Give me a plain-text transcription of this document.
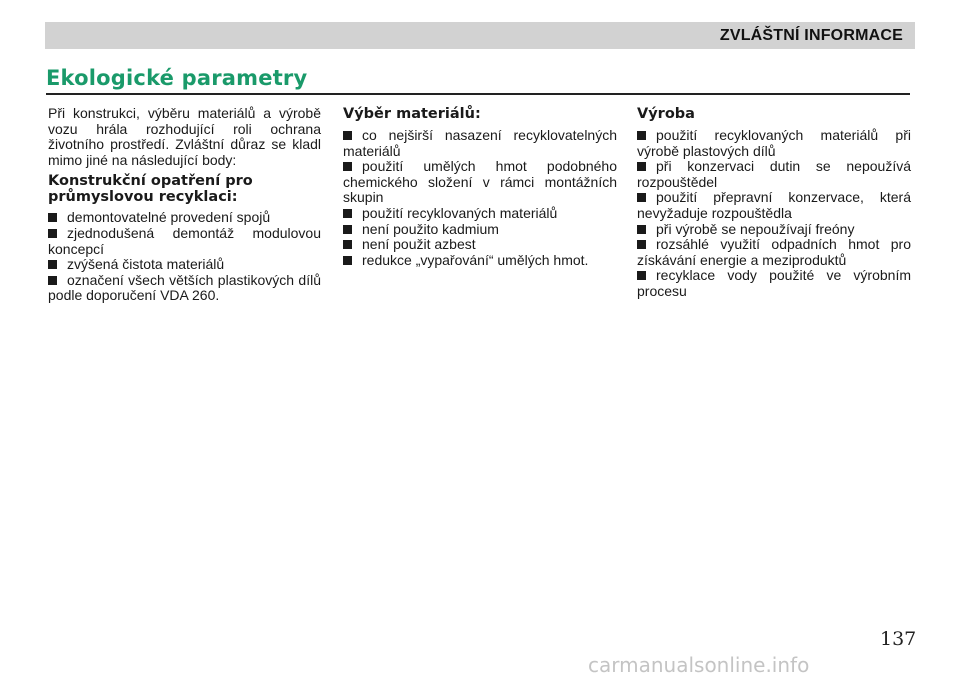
ZVLÁŠTNÍ INFORMACE
Ekologické parametry

Při konstrukci, výběru materiálů a výrobě vozu hrála rozhodující roli ochrana životního prostředí. Zvláštní důraz se kladl mimo jiné na následující body:

Konstrukční opatření pro průmyslovou recyklaci:

demontovatelné provedení spojů

zjednodušená demontáž modulovou koncepcí

zvýšená čistota materiálů

označení všech větších plastikových dílů podle doporučení VDA 260.

Výběr materiálů:

co nejširší nasazení recyklovatelných materiálů

použití umělých hmot podobného chemického složení v rámci montážních skupin

použití recyklovaných materiálů

není použito kadmium

není použit azbest

redukce „vypařování“ umělých hmot.

Výroba

použití recyklovaných materiálů při výrobě plastových dílů

při konzervaci dutin se nepoužívá rozpouštědel

použití přepravní konzervace, která nevyžaduje rozpouštědla

při výrobě se nepoužívají freóny

rozsáhlé využití odpadních hmot pro získávání energie a meziproduktů

recyklace vody použité ve výrobním procesu

137
carmanualsonline.info
